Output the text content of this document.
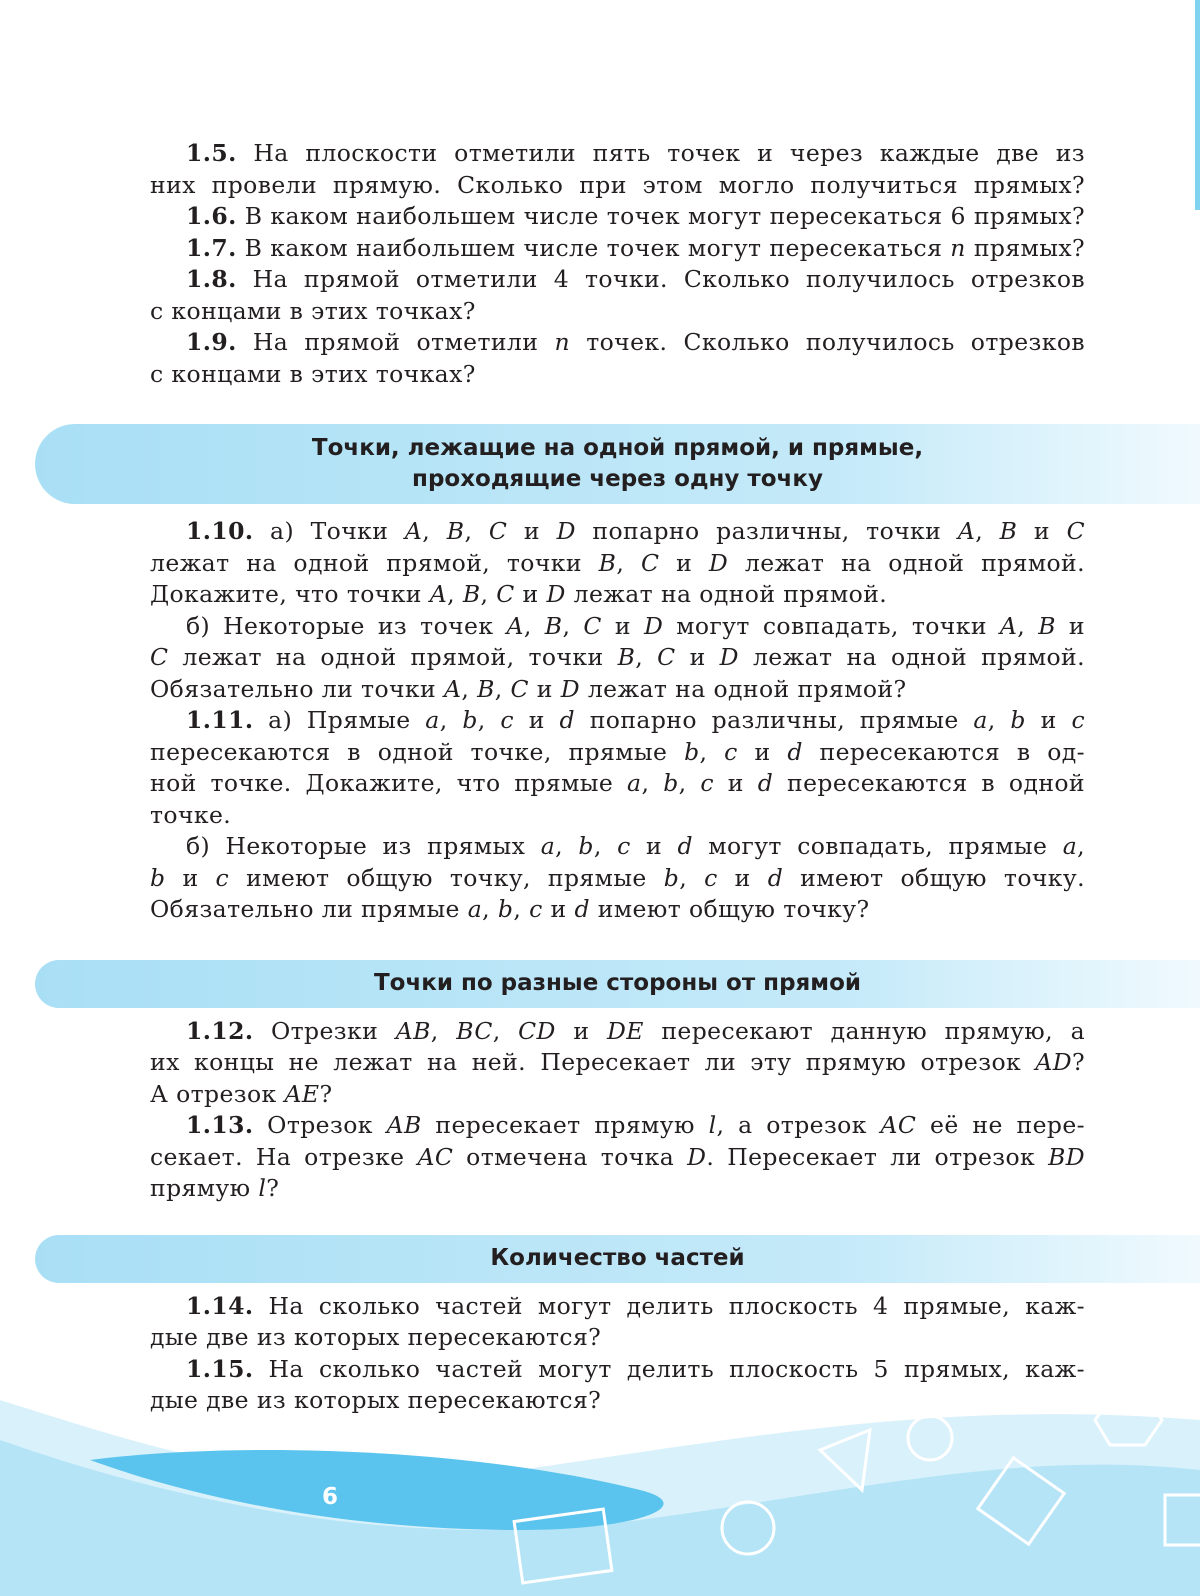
1.5. На плоскости отметили пять точек и через каждые две из

них провели прямую. Сколько при этом могло получиться прямых?

1.6. В каком наибольшем числе точек могут пересекаться 6 прямых?

1.7. В каком наибольшем числе точек могут пересекаться n прямых?

1.8. На прямой отметили 4 точки. Сколько получилось отрезков

с концами в этих точках?

1.9. На прямой отметили n точек. Сколько получилось отрезков

с концами в этих точках?

Точки, лежащие на одной прямой, и прямые,
проходящие через одну точку

1.10. а) Точки A, B, C и D попарно различны, точки A, B и C

лежат на одной прямой, точки B, C и D лежат на одной прямой.

Докажите, что точки A, B, C и D лежат на одной прямой.

б) Некоторые из точек A, B, C и D могут совпадать, точки A, B и

C лежат на одной прямой, точки B, C и D лежат на одной прямой.

Обязательно ли точки A, B, C и D лежат на одной прямой?

1.11. а) Прямые a, b, c и d попарно различны, прямые a, b и c

пересекаются в одной точке, прямые b, c и d пересекаются в од-

ной точке. Докажите, что прямые a, b, c и d пересекаются в одной

точке.

б) Некоторые из прямых a, b, c и d могут совпадать, прямые a,

b и c имеют общую точку, прямые b, c и d имеют общую точку.

Обязательно ли прямые a, b, c и d имеют общую точку?

Точки по разные стороны от прямой

1.12. Отрезки AB, BC, CD и DE пересекают данную прямую, а

их концы не лежат на ней. Пересекает ли эту прямую отрезок AD?

А отрезок AE?

1.13. Отрезок AB пересекает прямую l, а отрезок AC её не пере-

секает. На отрезке AC отмечена точка D. Пересекает ли отрезок BD

прямую l?

Количество частей

1.14. На сколько частей могут делить плоскость 4 прямые, каж-

дые две из которых пересекаются?

1.15. На сколько частей могут делить плоскость 5 прямых, каж-

дые две из которых пересекаются?

6
